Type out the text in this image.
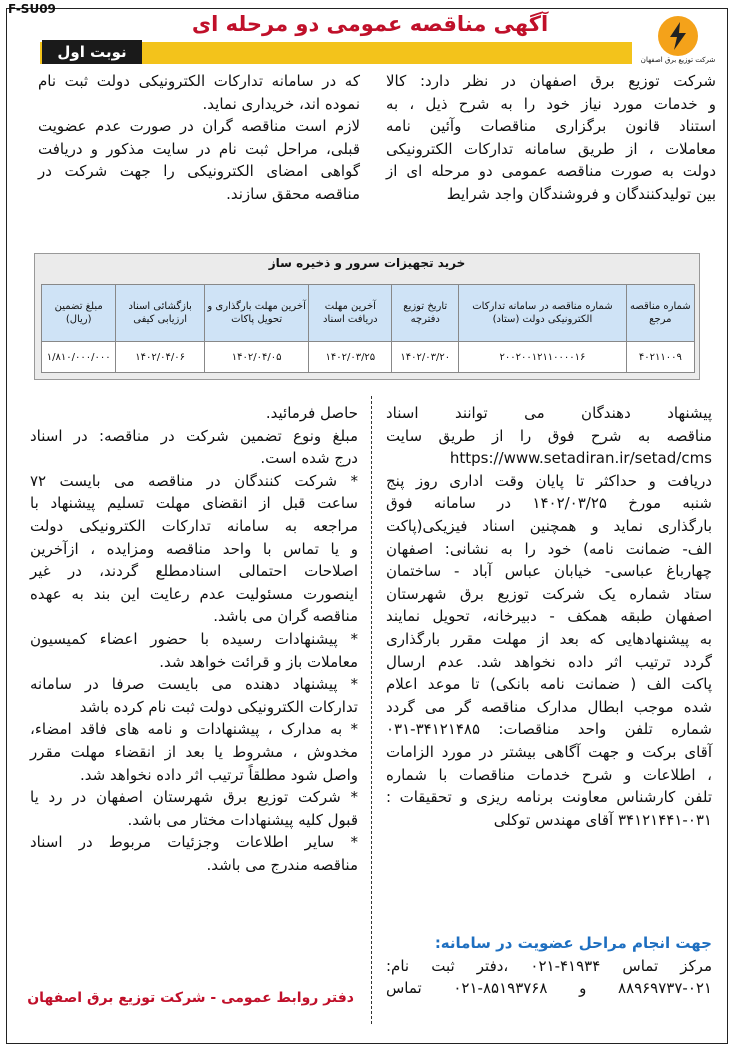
F-SU09
آگهی مناقصه عمومی دو مرحله ای
شرکت توزیع برق اصفهان
نوبت اول

شرکت توزیع برق اصفهان در نظر دارد: کالا

و خدمات مورد نیاز خود را به شرح ذیل ، به

استناد قانون برگزاری مناقصات وآئین نامه

معاملات ، از طریق سامانه تدارکات الکترونیکی

دولت به صورت مناقصه عمومی دو مرحله ای از

بین تولیدکنندگان و فروشندگان واجد شرایط

که در سامانه تدارکات الکترونیکی دولت ثبت نام

نموده اند، خریداری نماید.

لازم است مناقصه گران در صورت عدم عضویت

قبلی، مراحل ثبت نام در سایت مذکور و دریافت

گواهی امضای الکترونیکی را جهت شرکت در

مناقصه محقق سازند.

خرید تجهیزات سرور و ذخیره ساز
شماره مناقصه مرجع	شماره مناقصه در سامانه تدارکات الکترونیکی دولت (ستاد)	تاریخ توزیع دفترچه	آخرین مهلت دریافت اسناد	آخرین مهلت بارگذاری و تحویل پاکات	بازگشائی اسناد ارزیابی کیفی	مبلغ تضمین (ریال)
۴۰۲۱۱۰۰۹	۲۰۰۲۰۰۱۲۱۱۰۰۰۰۱۶	۱۴۰۲/۰۳/۲۰	۱۴۰۲/۰۳/۲۵	۱۴۰۲/۰۴/۰۵	۱۴۰۲/۰۴/۰۶	۱/۸۱۰/۰۰۰/۰۰۰

پیشنهاد دهندگان می توانند اسناد

مناقصه به شرح فوق را از طریق سایت

https://www.setadiran.ir/setad/cms

دریافت و حداکثر تا پایان وقت اداری روز پنج

شنبه مورخ ۱۴۰۲/۰۳/۲۵ در سامانه فوق

بارگذاری نماید و همچنین اسناد فیزیکی(پاکت

الف- ضمانت نامه) خود را به نشانی: اصفهان

چهارباغ عباسی- خیابان عباس آباد - ساختمان

ستاد شماره یک شرکت توزیع برق شهرستان

اصفهان طبقه همکف - دبیرخانه، تحویل نمایند

به پیشنهادهایی که بعد از مهلت مقرر بارگذاری

گردد ترتیب اثر داده نخواهد شد. عدم ارسال

پاکت الف ( ضمانت نامه بانکی) تا موعد اعلام

شده موجب ابطال مدارک مناقصه گر می گردد

شماره تلفن واحد مناقصات: ۳۴۱۲۱۴۸۵-۰۳۱

آقای برکت و جهت آگاهی بیشتر در مورد الزامات

، اطلاعات و شرح خدمات مناقصات با شماره

تلفن کارشناس معاونت برنامه ریزی و تحقیقات :

۳۴۱۲۱۴۴۱-۰۳۱ آقای مهندس توکلی

جهت انجام مراحل عضویت در سامانه:

مرکز تماس ۴۱۹۳۴-۰۲۱ ،دفتر ثبت نام:

۸۸۹۶۹۷۳۷-۰۲۱ و ۸۵۱۹۳۷۶۸-۰۲۱ تماس

حاصل فرمائید.

مبلغ ونوع تضمین شرکت در مناقصه: در اسناد

درج شده است.

* شرکت کنندگان در مناقصه می بایست ۷۲

ساعت قبل از انقضای مهلت تسلیم پیشنهاد با

مراجعه به سامانه تدارکات الکترونیکی دولت

و یا تماس با واحد مناقصه ومزایده ، ازآخرین

اصلاحات احتمالی اسنادمطلع گردند، در غیر

اینصورت مسئولیت عدم رعایت این بند به عهده

مناقصه گران می باشد.

* پیشنهادات رسیده با حضور اعضاء کمیسیون

معاملات باز و قرائت خواهد شد.

* پیشنهاد دهنده می بایست صرفا در سامانه

تدارکات الکترونیکی دولت ثبت نام کرده باشد

* به مدارک ، پیشنهادات و نامه های فاقد امضاء،

مخدوش ، مشروط یا بعد از انقضاء مهلت مقرر

واصل شود مطلقاً ترتیب اثر داده نخواهد شد.

* شرکت توزیع برق شهرستان اصفهان در رد یا

قبول کلیه پیشنهادات مختار می باشد.

* سایر اطلاعات وجزئیات مربوط در اسناد

مناقصه مندرج می باشد.

دفتر روابط عمومی - شرکت توزیع برق اصفهان
